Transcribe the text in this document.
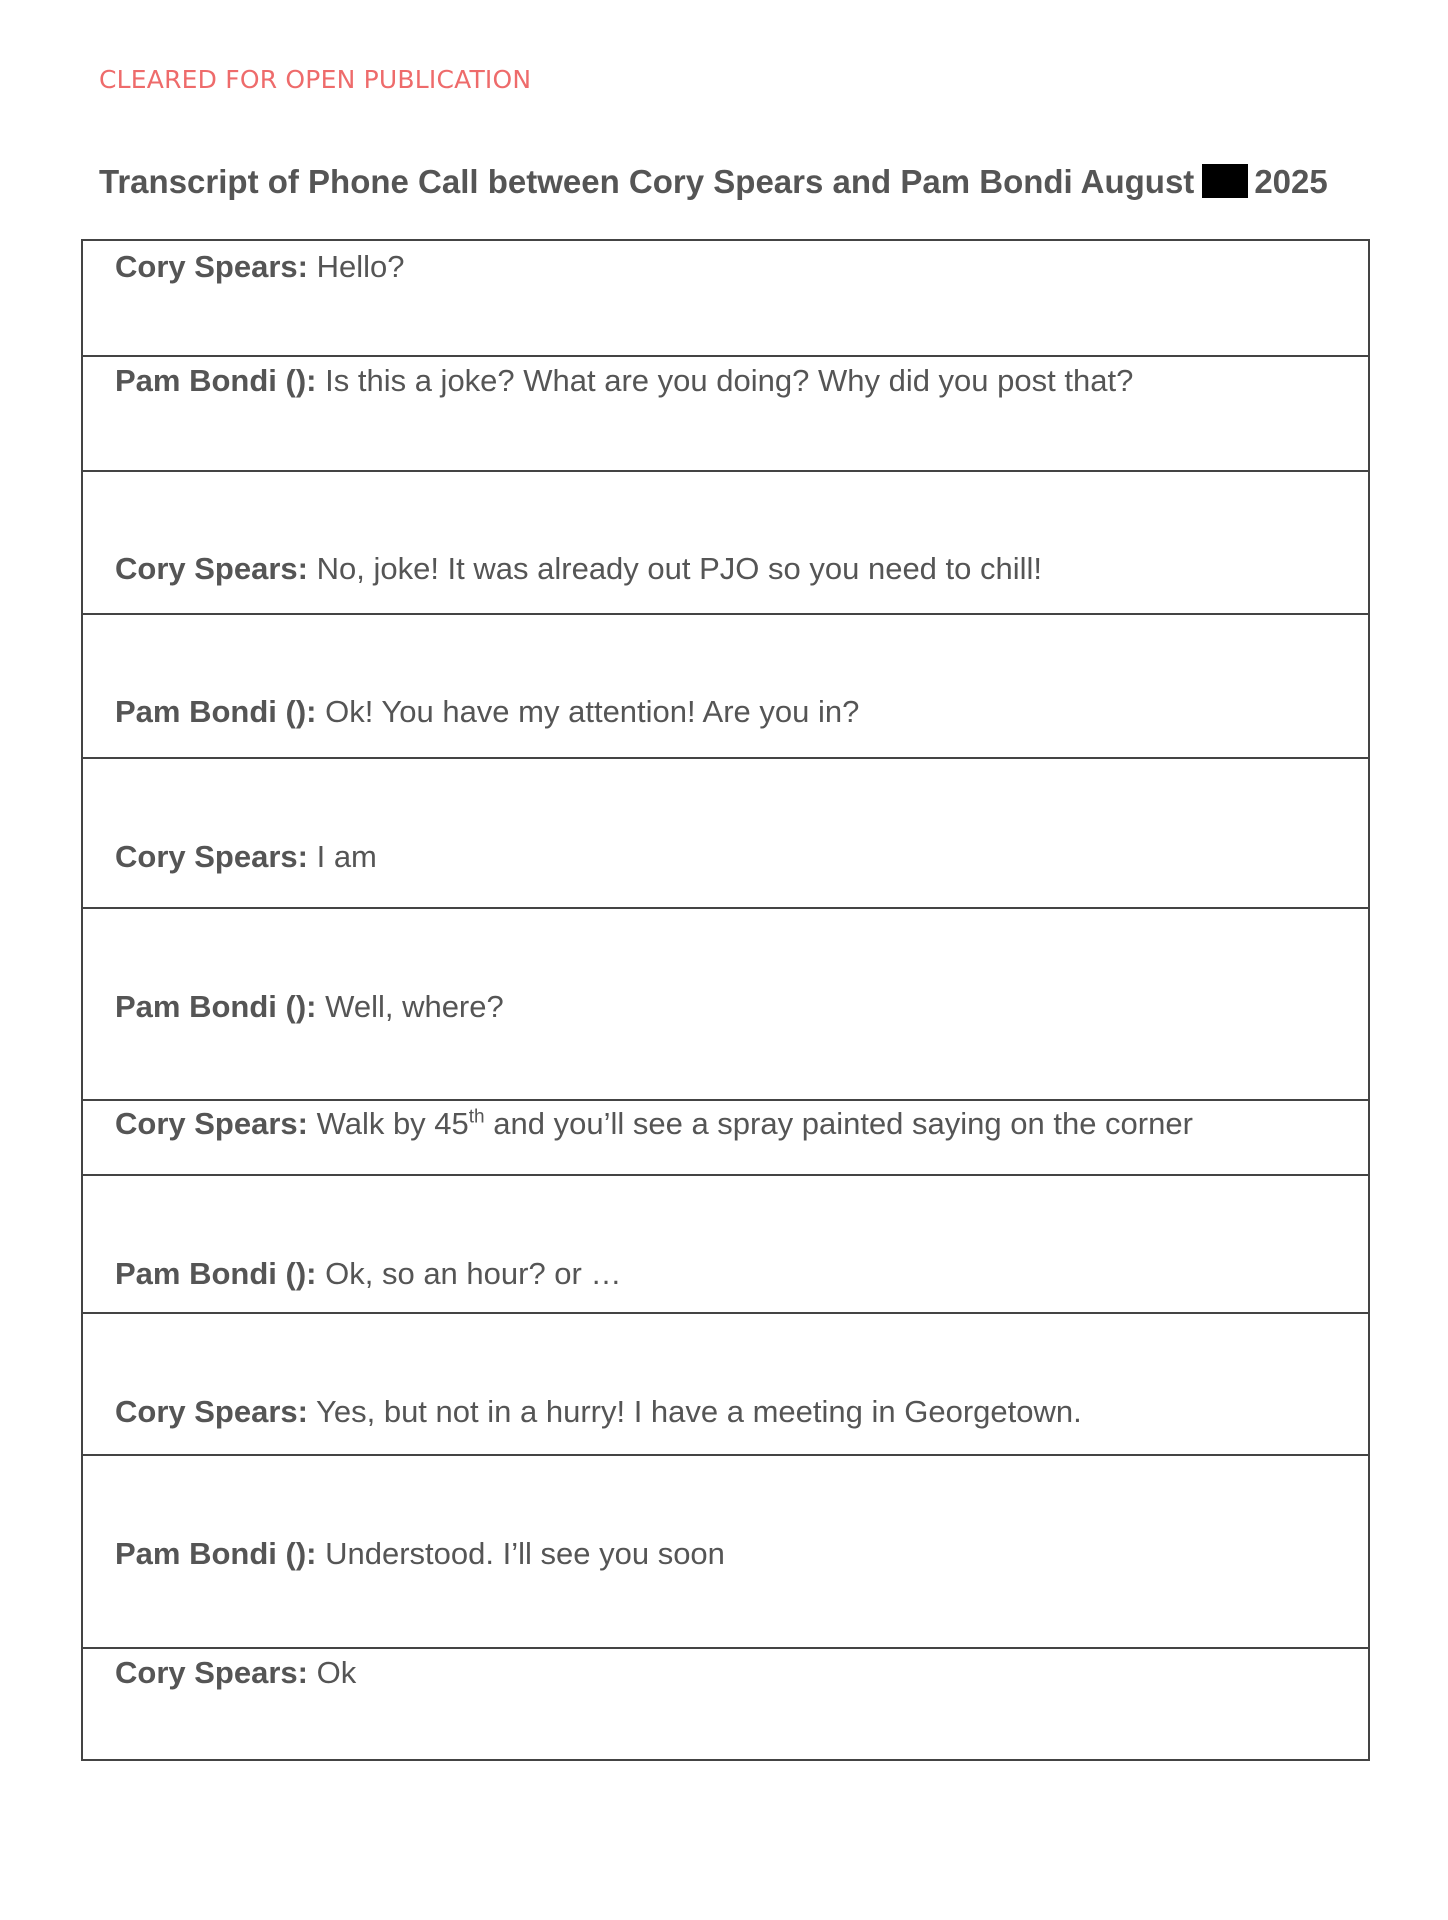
CLEARED FOR OPEN PUBLICATION
Transcript of Phone Call between Cory Spears and Pam Bondi August 2025
Cory Spears: Hello?
Pam Bondi (): Is this a joke? What are you doing? Why did you post that?
Cory Spears: No, joke! It was already out PJO so you need to chill!
Pam Bondi (): Ok! You have my attention! Are you in?
Cory Spears: I am
Pam Bondi (): Well, where?
Cory Spears: Walk by 45th and you’ll see a spray painted saying on the corner
Pam Bondi (): Ok, so an hour? or …
Cory Spears: Yes, but not in a hurry! I have a meeting in Georgetown.
Pam Bondi (): Understood. I’ll see you soon
Cory Spears: Ok
